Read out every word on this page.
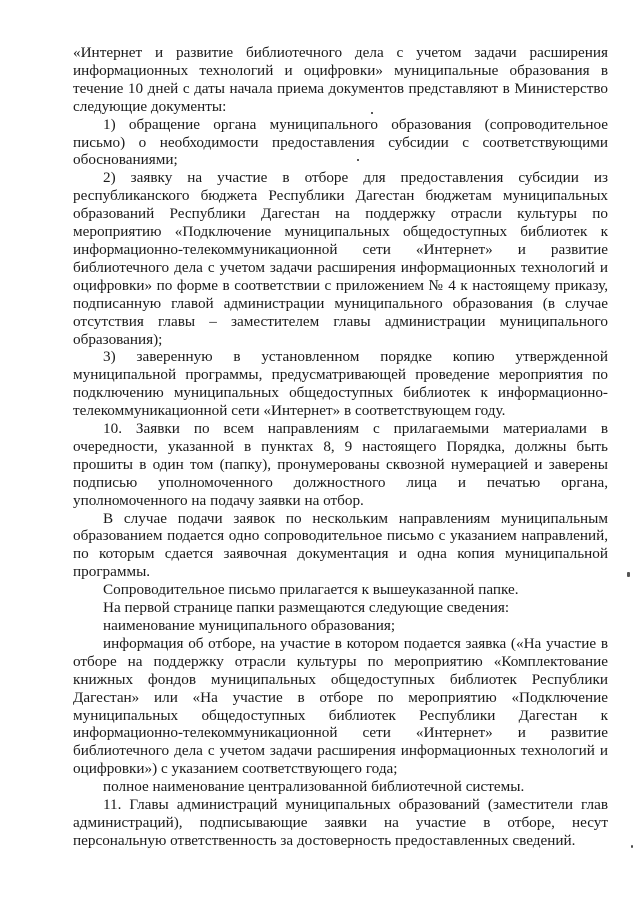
«Интернет и развитие библиотечного дела с учетом задачи расширения информационных технологий и оцифровки» муниципальные образования в течение 10 дней с даты начала приема документов представляют в Министерство следующие документы:

1) обращение органа муниципального образования (сопроводительное письмо) о необходимости предоставления субсидии с соответствующими обоснованиями;

2) заявку на участие в отборе для предоставления субсидии из республиканского бюджета Республики Дагестан бюджетам муниципальных образований Республики Дагестан на поддержку отрасли культуры по мероприятию «Подключение муниципальных общедоступных библиотек к информационно-телекоммуникационной сети «Интернет» и развитие библиотечного дела с учетом задачи расширения информационных технологий и оцифровки» по форме в соответствии с приложением № 4 к настоящему приказу, подписанную главой администрации муниципального образования (в случае отсутствия главы – заместителем главы администрации муниципального образования);

3) заверенную в установленном порядке копию утвержденной муниципальной программы, предусматривающей проведение мероприятия по подключению муниципальных общедоступных библиотек к информационно-телекоммуникационной сети «Интернет» в соответствующем году.

10. Заявки по всем направлениям с прилагаемыми материалами в очередности, указанной в пунктах 8, 9 настоящего Порядка, должны быть прошиты в один том (папку), пронумерованы сквозной нумерацией и заверены подписью уполномоченного должностного лица и печатью органа, уполномоченного на подачу заявки на отбор.

В случае подачи заявок по нескольким направлениям муниципальным образованием подается одно сопроводительное письмо с указанием направлений, по которым сдается заявочная документация и одна копия муниципальной программы.

Сопроводительное письмо прилагается к вышеуказанной папке.

На первой странице папки размещаются следующие сведения:

наименование муниципального образования;

информация об отборе, на участие в котором подается заявка («На участие в отборе на поддержку отрасли культуры по мероприятию «Комплектование книжных фондов муниципальных общедоступных библиотек Республики Дагестан» или «На участие в отборе по мероприятию «Подключение муниципальных общедоступных библиотек Республики Дагестан к информационно-телекоммуникационной сети «Интернет» и развитие библиотечного дела с учетом задачи расширения информационных технологий и оцифровки») с указанием соответствующего года;

полное наименование централизованной библиотечной системы.

11. Главы администраций муниципальных образований (заместители глав администраций), подписывающие заявки на участие в отборе, несут персональную ответственность за достоверность предоставленных сведений.
